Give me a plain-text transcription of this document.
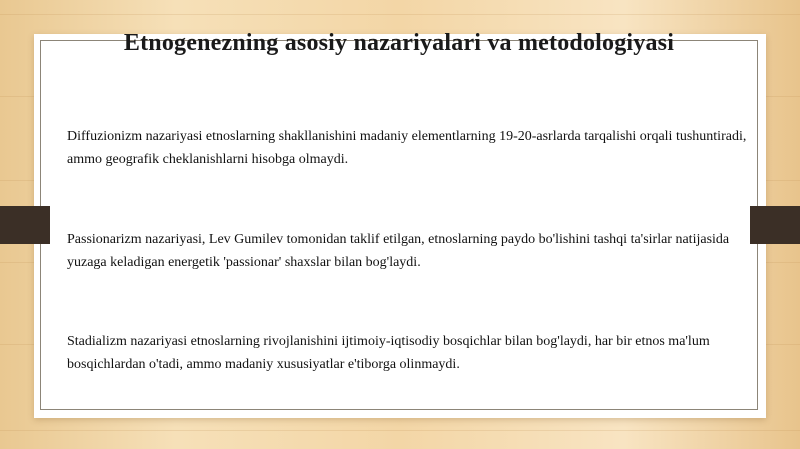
Etnogenezning asosiy nazariyalari va metodologiyasi
Diffuzionizm nazariyasi etnoslarning shakllanishini madaniy elementlarning 19-20-asrlarda tarqalishi orqali tushuntiradi, ammo geografik cheklanishlarni hisobga olmaydi.
Passionarizm nazariyasi, Lev Gumilev tomonidan taklif etilgan, etnoslarning paydo bo'lishini tashqi ta'sirlar natijasida yuzaga keladigan energetik 'passionar' shaxslar bilan bog'laydi.
Stadializm nazariyasi etnoslarning rivojlanishini ijtimoiy-iqtisodiy bosqichlar bilan bog'laydi, har bir etnos ma'lum bosqichlardan o'tadi, ammo madaniy xususiyatlar e'tiborga olinmaydi.
